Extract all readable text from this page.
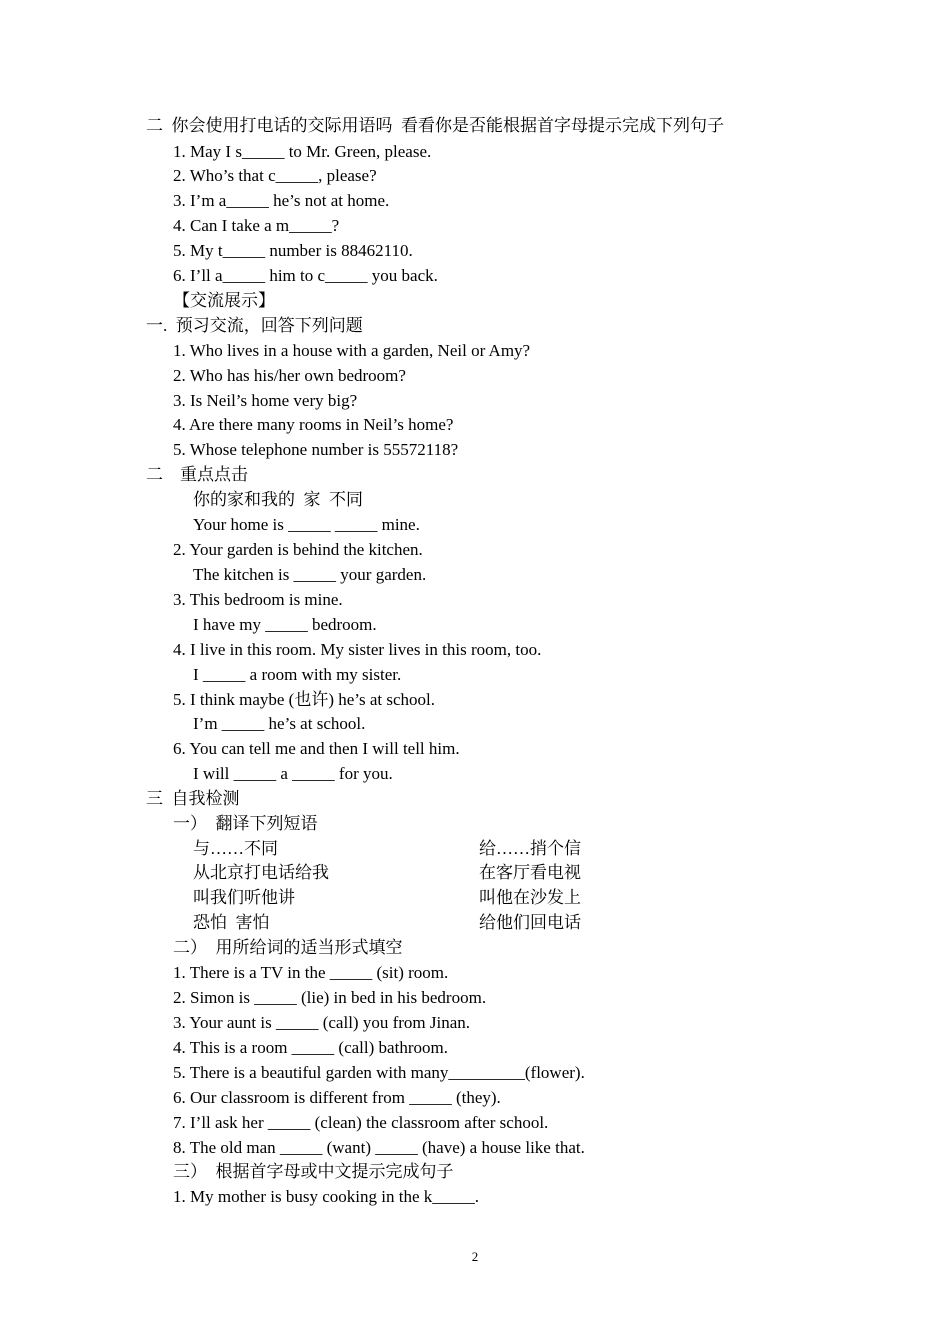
二  你会使用打电话的交际用语吗  看看你是否能根据首字母提示完成下列句子
1. May I s_____ to Mr. Green, please.
2. Who’s that c_____, please?
3. I’m a_____ he’s not at home.
4. Can I take a m_____?
5. My t_____ number is 88462110.
6. I’ll a_____ him to c_____ you back.
【交流展示】
一.  预习交流，回答下列问题
1. Who lives in a house with a garden, Neil or Amy?
2. Who has his/her own bedroom?
3. Is Neil’s home very big?
4. Are there many rooms in Neil’s home?
5. Whose telephone number is 55572118?
二    重点点击
你的家和我的  家  不同
Your home is _____ _____ mine.
2. Your garden is behind the kitchen.
The kitchen is _____ your garden.
3. This bedroom is mine.
I have my _____ bedroom.
4. I live in this room. My sister lives in this room, too.
I _____ a room with my sister.
5. I think maybe (也许) he’s at school.
I’m _____ he’s at school.
6. You can tell me and then I will tell him.
I will _____ a _____ for you.
三  自我检测
一）  翻译下列短语
与……不同	给……捎个信
从北京打电话给我	在客厅看电视
叫我们听他讲	叫他在沙发上
恐怕  害怕	给他们回电话
二）  用所给词的适当形式填空
1. There is a TV in the _____ (sit) room.
2. Simon is _____ (lie) in bed in his bedroom.
3. Your aunt is _____ (call) you from Jinan.
4. This is a room _____ (call) bathroom.
5. There is a beautiful garden with many_________(flower).
6. Our classroom is different from _____ (they).
7. I’ll ask her _____ (clean) the classroom after school.
8. The old man _____ (want) _____ (have) a house like that.
三）  根据首字母或中文提示完成句子
1. My mother is busy cooking in the k_____.
2
